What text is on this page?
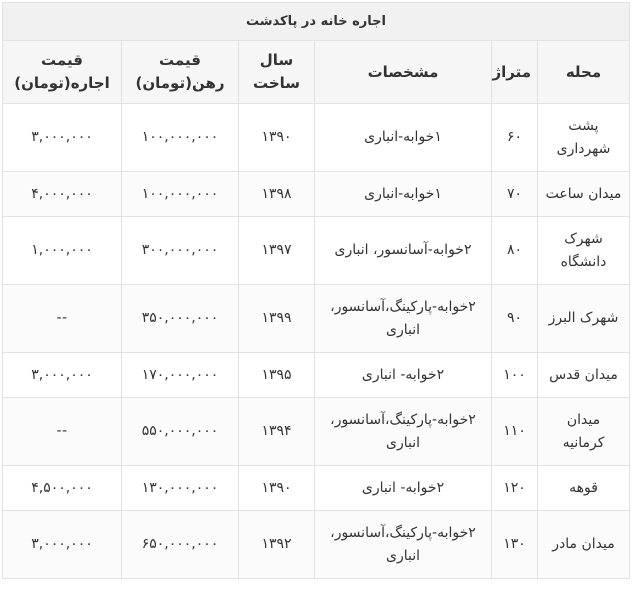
اجاره خانه در پاکدشت					
محله	متراژ	مشخصات	سال ساخت	قیمت رهن(تومان)	قیمت اجاره(تومان)
پشت شهرداری	۶۰	۱خوابه-انباری	۱۳۹۰	۱۰۰,۰۰۰,۰۰۰	۳,۰۰۰,۰۰۰
میدان ساعت	۷۰	۱خوابه-انباری	۱۳۹۸	۱۰۰,۰۰۰,۰۰۰	۴,۰۰۰,۰۰۰
شهرک دانشگاه	۸۰	۲خوابه-آسانسور، انباری	۱۳۹۷	۳۰۰,۰۰۰,۰۰۰	۱,۰۰۰,۰۰۰
شهرک البرز	۹۰	۲خوابه-پارکینگ،آسانسور، انباری	۱۳۹۹	۳۵۰,۰۰۰,۰۰۰	--
میدان قدس	۱۰۰	۲خوابه- انباری	۱۳۹۵	۱۷۰,۰۰۰,۰۰۰	۳,۰۰۰,۰۰۰
میدان کرمانیه	۱۱۰	۲خوابه-پارکینگ،آسانسور، انباری	۱۳۹۴	۵۵۰,۰۰۰,۰۰۰	--
قوهه	۱۲۰	۲خوابه- انباری	۱۳۹۰	۱۳۰,۰۰۰,۰۰۰	۴,۵۰۰,۰۰۰
میدان مادر	۱۳۰	۲خوابه-پارکینگ،آسانسور، انباری	۱۳۹۲	۶۵۰,۰۰۰,۰۰۰	۳,۰۰۰,۰۰۰
